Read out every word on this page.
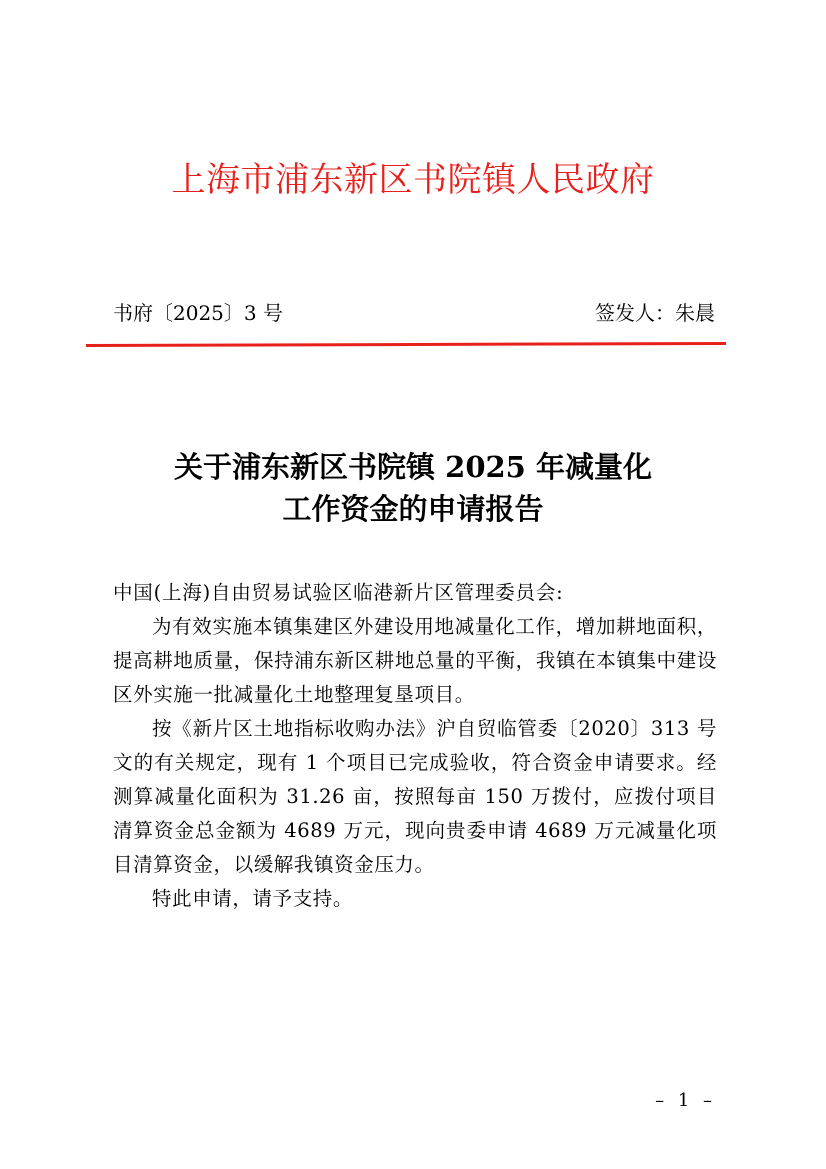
上海市浦东新区书院镇人民政府
书府〔2025〕3 号	签发人：朱晨
关于浦东新区书院镇 2025 年减量化
工作资金的申请报告

中国(上海)自由贸易试验区临港新片区管理委员会:

为有效实施本镇集建区外建设用地减量化工作，增加耕地面积，提高耕地质量，保持浦东新区耕地总量的平衡，我镇在本镇集中建设区外实施一批减量化土地整理复垦项目。

按《新片区土地指标收购办法》沪自贸临管委〔2020〕313 号文的有关规定，现有 1 个项目已完成验收，符合资金申请要求。经测算减量化面积为 31.26 亩，按照每亩 150 万拨付，应拨付项目清算资金总金额为 4689 万元，现向贵委申请 4689 万元减量化项目清算资金，以缓解我镇资金压力。

特此申请，请予支持。

– 1 –
